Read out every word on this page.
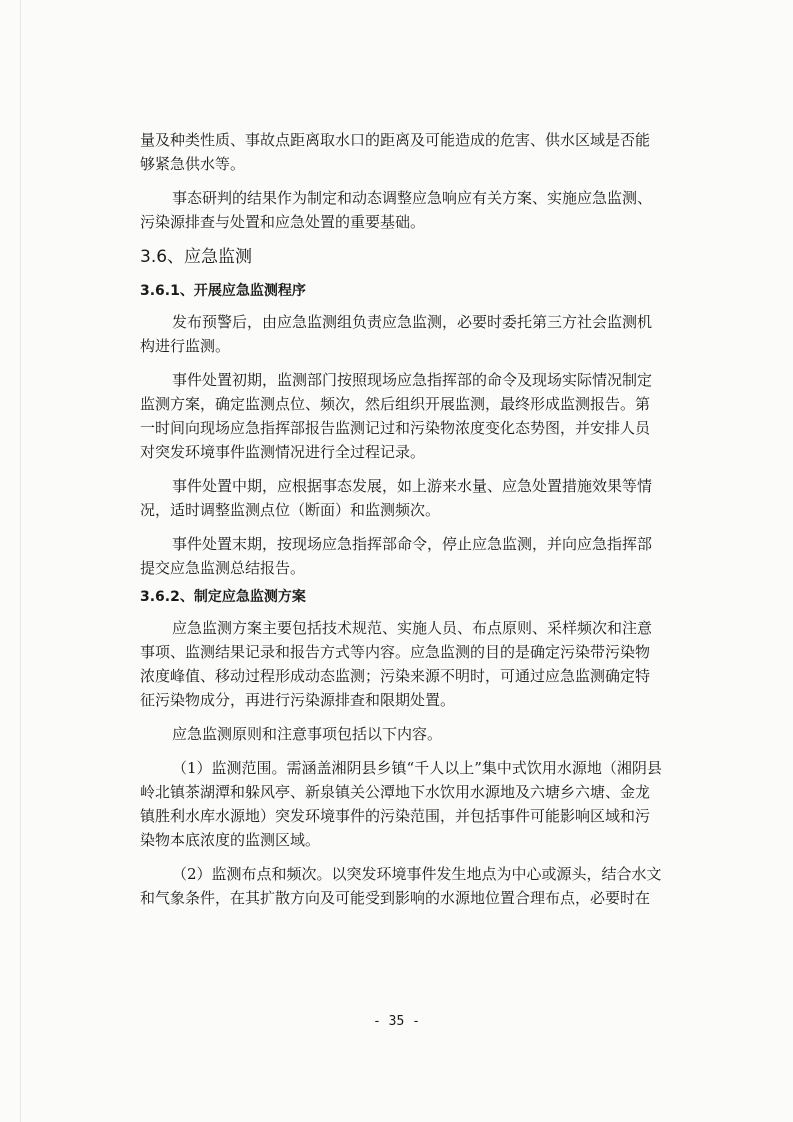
量及种类性质、事故点距离取水口的距离及可能造成的危害、供水区域是否能

够紧急供水等。

事态研判的结果作为制定和动态调整应急响应有关方案、实施应急监测、

污染源排查与处置和应急处置的重要基础。

3.6、应急监测
3.6.1、开展应急监测程序

发布预警后，由应急监测组负责应急监测，必要时委托第三方社会监测机

构进行监测。

事件处置初期，监测部门按照现场应急指挥部的命令及现场实际情况制定

监测方案，确定监测点位、频次，然后组织开展监测，最终形成监测报告。第

一时间向现场应急指挥部报告监测记过和污染物浓度变化态势图，并安排人员

对突发环境事件监测情况进行全过程记录。

事件处置中期，应根据事态发展，如上游来水量、应急处置措施效果等情

况，适时调整监测点位（断面）和监测频次。

事件处置末期，按现场应急指挥部命令，停止应急监测，并向应急指挥部

提交应急监测总结报告。

3.6.2、制定应急监测方案

应急监测方案主要包括技术规范、实施人员、布点原则、采样频次和注意

事项、监测结果记录和报告方式等内容。应急监测的目的是确定污染带污染物

浓度峰值、移动过程形成动态监测；污染来源不明时，可通过应急监测确定特

征污染物成分，再进行污染源排查和限期处置。

应急监测原则和注意事项包括以下内容。

（1）监测范围。需涵盖湘阴县乡镇“千人以上”集中式饮用水源地（湘阴县

岭北镇茶湖潭和躲风亭、新泉镇关公潭地下水饮用水源地及六塘乡六塘、金龙

镇胜利水库水源地）突发环境事件的污染范围，并包括事件可能影响区域和污

染物本底浓度的监测区域。

（2）监测布点和频次。以突发环境事件发生地点为中心或源头，结合水文

和气象条件，在其扩散方向及可能受到影响的水源地位置合理布点，必要时在

- 35 -
